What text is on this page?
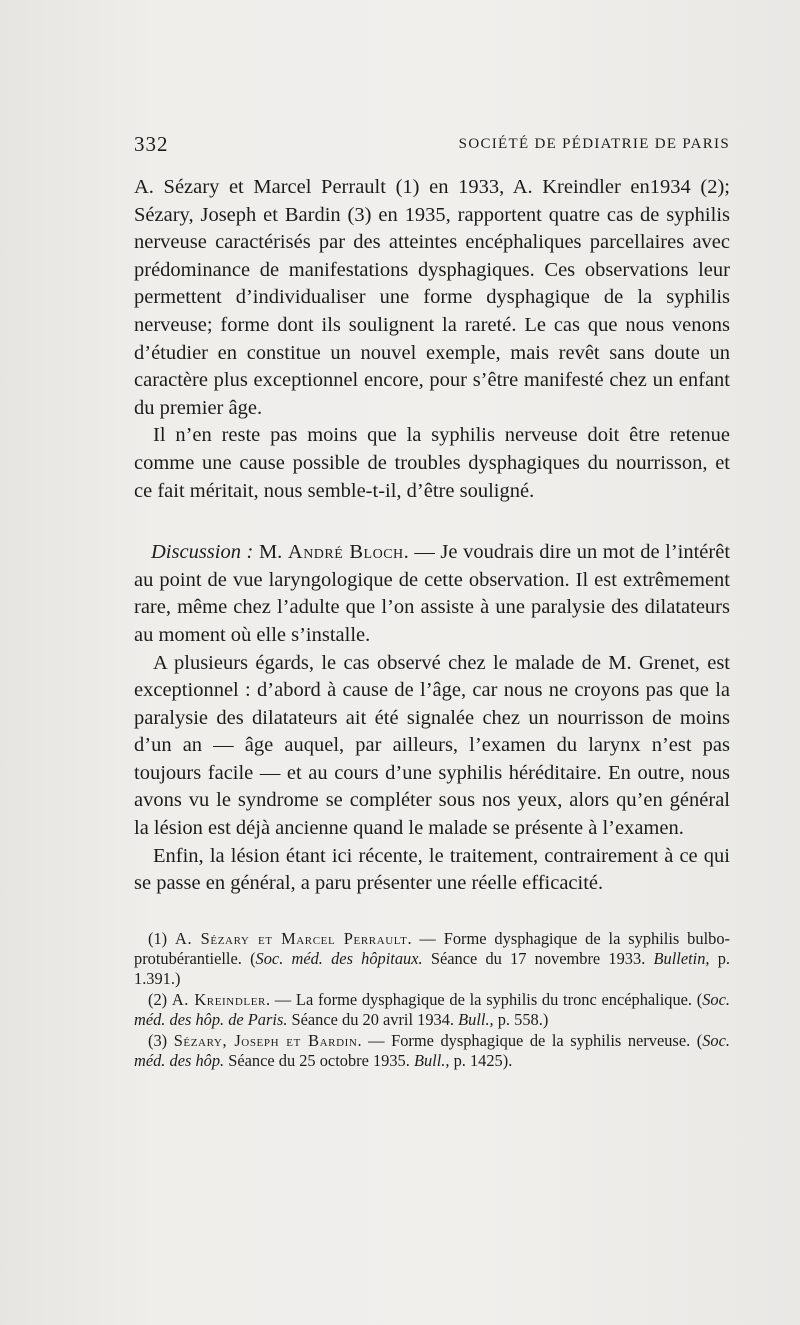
332	SOCIÉTÉ DE PÉDIATRIE DE PARIS

A. Sézary et Marcel Perrault (1) en 1933, A. Kreindler en1934 (2); Sézary, Joseph et Bardin (3) en 1935, rapportent quatre cas de syphilis nerveuse caractérisés par des atteintes encéphaliques parcellaires avec prédominance de manifestations dysphagiques. Ces observations leur permettent d’individualiser une forme dysphagique de la syphilis nerveuse; forme dont ils soulignent la rareté. Le cas que nous venons d’étudier en constitue un nouvel exemple, mais revêt sans doute un caractère plus exceptionnel encore, pour s’être manifesté chez un enfant du premier âge.

Il n’en reste pas moins que la syphilis nerveuse doit être retenue comme une cause possible de troubles dysphagiques du nourrisson, et ce fait méritait, nous semble-t-il, d’être souligné.

Discussion : M. André Bloch. — Je voudrais dire un mot de l’intérêt au point de vue laryngologique de cette observation. Il est extrêmement rare, même chez l’adulte que l’on assiste à une paralysie des dilatateurs au moment où elle s’installe.

A plusieurs égards, le cas observé chez le malade de M. Grenet, est exceptionnel : d’abord à cause de l’âge, car nous ne croyons pas que la paralysie des dilatateurs ait été signalée chez un nourrisson de moins d’un an — âge auquel, par ailleurs, l’examen du larynx n’est pas toujours facile — et au cours d’une syphilis héréditaire. En outre, nous avons vu le syndrome se compléter sous nos yeux, alors qu’en général la lésion est déjà ancienne quand le malade se présente à l’examen.

Enfin, la lésion étant ici récente, le traitement, contrairement à ce qui se passe en général, a paru présenter une réelle efficacité.

(1) A. Sézary et Marcel Perrault. — Forme dysphagique de la syphilis bulbo-protubérantielle. (Soc. méd. des hôpitaux. Séance du 17 novembre 1933. Bulletin, p. 1.391.)

(2) A. Kreindler. — La forme dysphagique de la syphilis du tronc encéphalique. (Soc. méd. des hôp. de Paris. Séance du 20 avril 1934. Bull., p. 558.)

(3) Sézary, Joseph et Bardin. — Forme dysphagique de la syphilis nerveuse. (Soc. méd. des hôp. Séance du 25 octobre 1935. Bull., p. 1425).
